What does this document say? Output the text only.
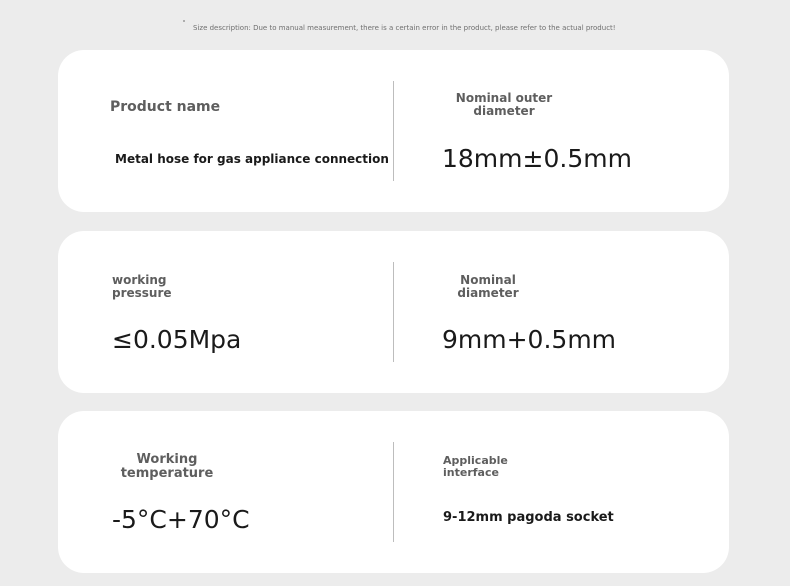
Size description: Due to manual measurement, there is a certain error in the product, please refer to the actual product!
Product name
Metal hose for gas appliance connection
Nominal outer diameter
18mm±0.5mm
working pressure
≤0.05Mpa
Nominal diameter
9mm+0.5mm
Working temperature
-5°C+70°C
Applicable interface
9-12mm pagoda socket
